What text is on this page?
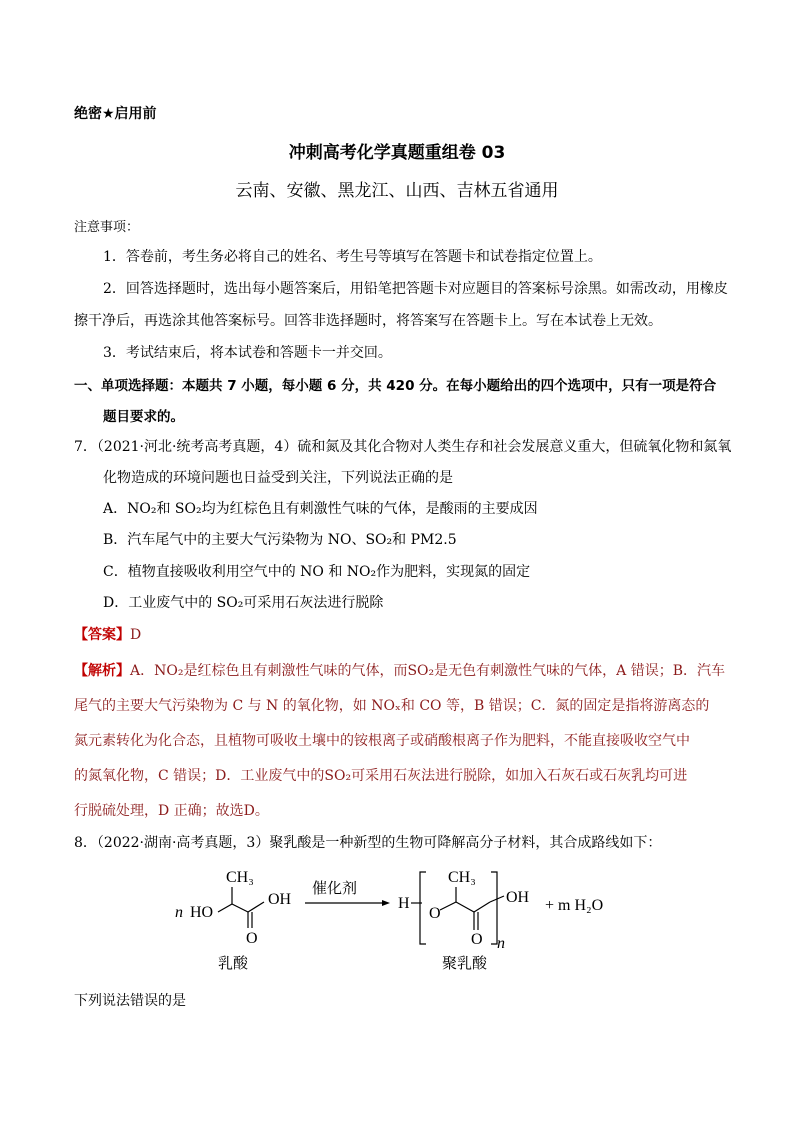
绝密★启用前
冲刺高考化学真题重组卷 03
云南、安徽、黑龙江、山西、吉林五省通用
注意事项：
1．答卷前，考生务必将自己的姓名、考生号等填写在答题卡和试卷指定位置上。
2．回答选择题时，选出每小题答案后，用铅笔把答题卡对应题目的答案标号涂黑。如需改动，用橡皮
擦干净后，再选涂其他答案标号。回答非选择题时，将答案写在答题卡上。写在本试卷上无效。
3．考试结束后，将本试卷和答题卡一并交回。
一、单项选择题：本题共 7 小题，每小题 6 分，共 420 分。在每小题给出的四个选项中，只有一项是符合
题目要求的。
7．（2021·河北·统考高考真题，4）硫和氮及其化合物对人类生存和社会发展意义重大，但硫氧化物和氮氧
化物造成的环境问题也日益受到关注，下列说法正确的是
A．NO₂和 SO₂均为红棕色且有刺激性气味的气体，是酸雨的主要成因
B．汽车尾气中的主要大气污染物为 NO、SO₂和 PM2.5
C．植物直接吸收利用空气中的 NO 和 NO₂作为肥料，实现氮的固定
D．工业废气中的 SO₂可采用石灰法进行脱除
【答案】D
【解析】A．NO₂是红棕色且有刺激性气味的气体，而SO₂是无色有刺激性气味的气体，A 错误；B．汽车
尾气的主要大气污染物为 C 与 N 的氧化物，如 NOₓ和 CO 等，B 错误；C．氮的固定是指将游离态的
氮元素转化为化合态，且植物可吸收土壤中的铵根离子或硝酸根离子作为肥料，不能直接吸收空气中
的氮氧化物，C 错误；D．工业废气中的SO₂可采用石灰法进行脱除，如加入石灰石或石灰乳均可进
行脱硫处理，D 正确；故选D。
8．（2022·湖南·高考真题，3）聚乳酸是一种新型的生物可降解高分子材料，其合成路线如下：
n HO
CH₃
OH
O
催化剂
H
O
CH₃
OH
O n
+ m H₂O
乳酸	聚乳酸
下列说法错误的是
